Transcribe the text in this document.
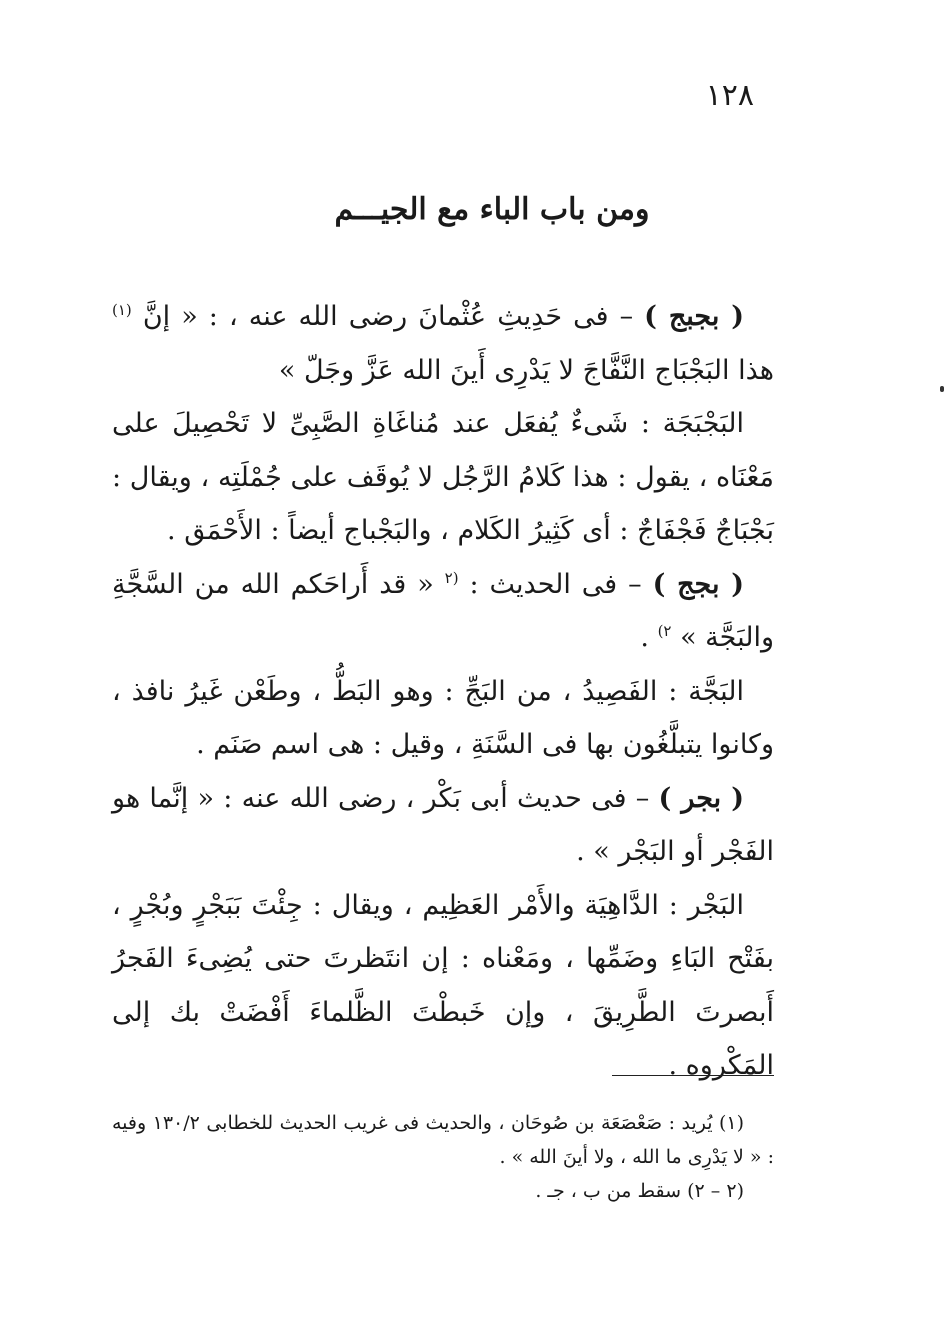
١٢٨
ومن باب الباء مع الجيـــم

( بجبج ) – فى حَدِيثِ عُثْمانَ رضى الله عنه ، : « إنَّ $^{(١)}$ هذا البَجْبَاج النَّفَّاجَ لا يَدْرِى أَينَ الله عَزَّ وجَلّ »

البَجْبَجَة : شَىءٌ يُفعَل عند مُناغَاةِ الصَّبِىِّ لا تَحْصِيلَ على مَعْنَاه ، يقول : هذا كَلامُ الرَّجُل لا يُوقَف على جُمْلَتِه ، ويقال : بَجْبَاجٌ فَجْفَاجٌ : أى كَثِيرُ الكَلام ، والبَجْباج أيضاً : الأَحْمَق .

( بجج ) – فى الحديث : $^{(٢}$ « قد أَراحَكم الله من السَّجَّةِ والبَجَّة » $^{٢)}$ .

البَجَّة : الفَصِيدُ ، من البَجِّ : وهو البَطُّ ، وطَعْن غَيرُ نافذ ، وكانوا يتبلَّغُون بها فى السَّنَةِ ، وقيل : هى اسم صَنَم .

( بجر ) – فى حديث أبى بَكْر ، رضى الله عنه : « إنَّما هو الفَجْر أو البَجْر » .

البَجْر : الدَّاهِيَة والأَمْر العَظِيم ، ويقال : جِئْتَ بَبَجْرٍ وبُجْرٍ ، بفَتْح البَاءِ وضَمِّها ، ومَعْناه : إن انتَظرتَ حتى يُضِىءَ الفَجرُ أَبصرتَ الطَّرِيقَ ، وإن خَبطْتَ الظَّلماءَ أَفْضَتْ بك إلى المَكْروه .

(١) يُريد : صَعْصَعَة بن صُوحَان ، والحديث فى غريب الحديث للخطابى ١٣٠/٢ وفيه : « لا يَدْرِى ما الله ، ولا أينَ الله » .

(٢ – ٢) سقط من ب ، جـ .
